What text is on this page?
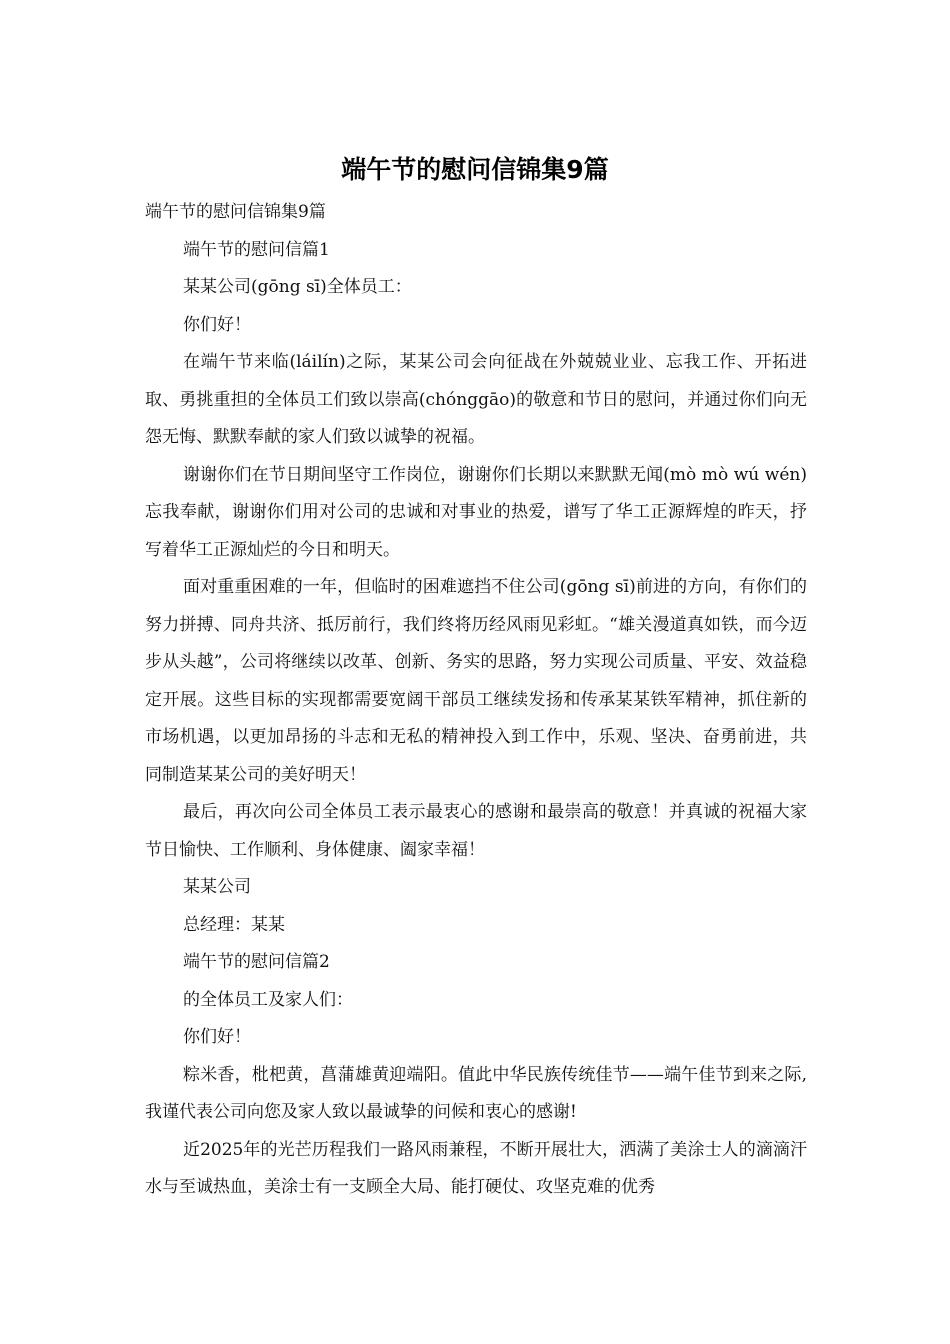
端午节的慰问信锦集9篇

端午节的慰问信锦集9篇

端午节的慰问信篇1

某某公司(gōng sī)全体员工：

你们好！

在端午节来临(láilín)之际，某某公司会向征战在外兢兢业业、忘我工作、开拓进取、勇挑重担的全体员工们致以崇高(chónggāo)的敬意和节日的慰问，并通过你们向无怨无悔、默默奉献的家人们致以诚挚的祝福。

谢谢你们在节日期间坚守工作岗位，谢谢你们长期以来默默无闻(mò mò wú wén)忘我奉献，谢谢你们用对公司的忠诚和对事业的热爱，谱写了华工正源辉煌的昨天，抒写着华工正源灿烂的今日和明天。

面对重重困难的一年，但临时的困难遮挡不住公司(gōng sī)前进的方向，有你们的努力拼搏、同舟共济、抵厉前行，我们终将历经风雨见彩虹。“雄关漫道真如铁，而今迈步从头越”，公司将继续以改革、创新、务实的思路，努力实现公司质量、平安、效益稳定开展。这些目标的实现都需要宽阔干部员工继续发扬和传承某某铁军精神，抓住新的市场机遇，以更加昂扬的斗志和无私的精神投入到工作中，乐观、坚决、奋勇前进，共同制造某某公司的美好明天！

最后，再次向公司全体员工表示最衷心的感谢和最崇高的敬意！并真诚的祝福大家节日愉快、工作顺利、身体健康、阖家幸福！

某某公司

总经理：某某

端午节的慰问信篇2

的全体员工及家人们：

你们好！

粽米香，枇杷黄，菖蒲雄黄迎端阳。值此中华民族传统佳节——端午佳节到来之际,我谨代表公司向您及家人致以最诚挚的问候和衷心的感谢!

近2025年的光芒历程我们一路风雨兼程，不断开展壮大，洒满了美涂士人的滴滴汗水与至诚热血，美涂士有一支顾全大局、能打硬仗、攻坚克难的优秀
